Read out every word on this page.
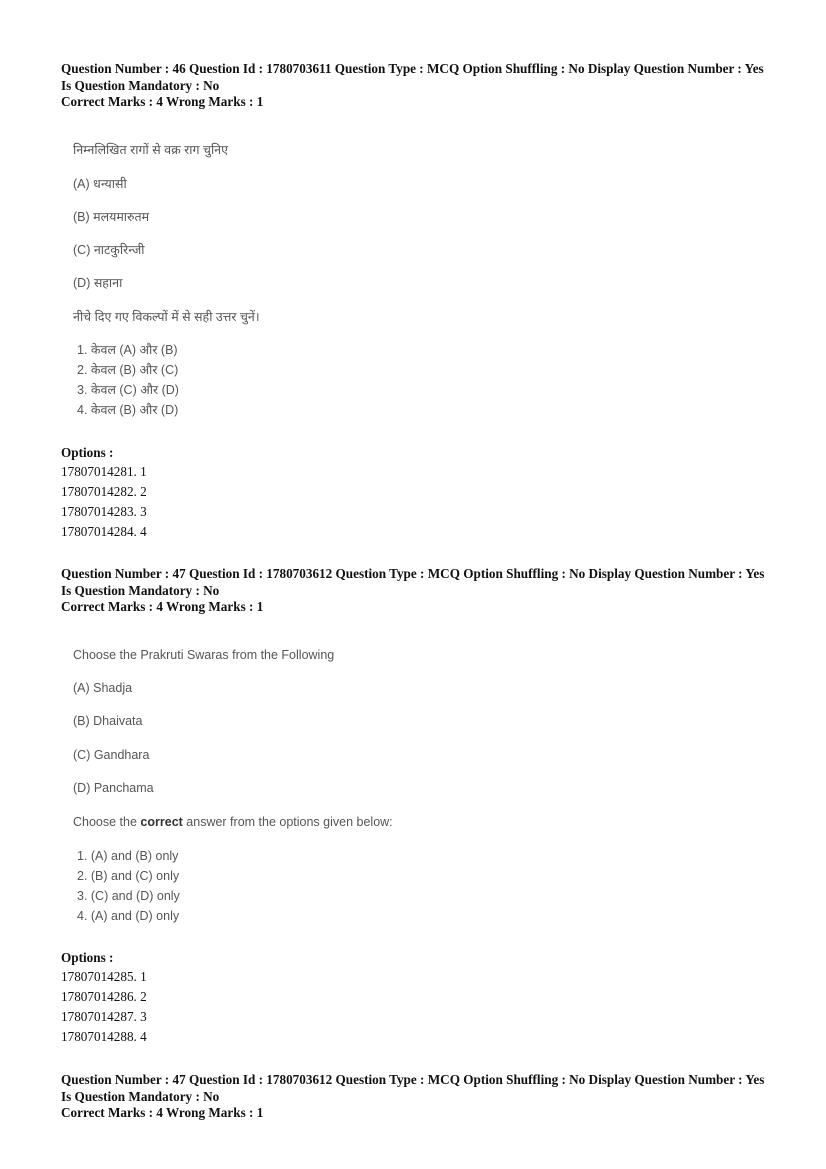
Question Number : 46 Question Id : 1780703611 Question Type : MCQ Option Shuffling : No Display Question Number : Yes
Is Question Mandatory : No
Correct Marks : 4 Wrong Marks : 1
निम्नलिखित रागों से वक्र राग चुनिए
(A) धन्यासी
(B) मलयमारुतम
(C) नाटकुरिन्जी
(D) सहाना
नीचे दिए गए विकल्पों में से सही उत्तर चुनें।
1. केवल (A) और (B)
2. केवल (B) और (C)
3. केवल (C) और (D)
4. केवल (B) और (D)
Options :
17807014281. 1
17807014282. 2
17807014283. 3
17807014284. 4
Question Number : 47 Question Id : 1780703612 Question Type : MCQ Option Shuffling : No Display Question Number : Yes
Is Question Mandatory : No
Correct Marks : 4 Wrong Marks : 1
Choose the Prakruti Swaras from the Following
(A) Shadja
(B) Dhaivata
(C) Gandhara
(D) Panchama
Choose the correct answer from the options given below:
1. (A) and (B) only
2. (B) and (C) only
3. (C) and (D) only
4. (A) and (D) only
Options :
17807014285. 1
17807014286. 2
17807014287. 3
17807014288. 4
Question Number : 47 Question Id : 1780703612 Question Type : MCQ Option Shuffling : No Display Question Number : Yes
Is Question Mandatory : No
Correct Marks : 4 Wrong Marks : 1
